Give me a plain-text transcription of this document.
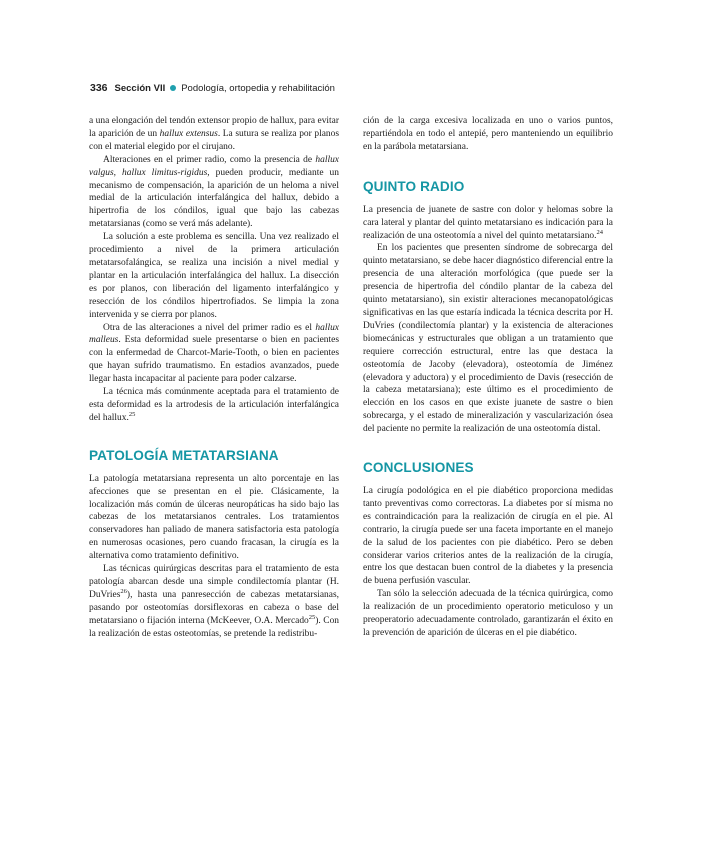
336 Sección VII Podología, ortopedia y rehabilitación

a una elongación del tendón extensor propio de hallux, para evitar la aparición de un hallux extensus. La sutura se realiza por planos con el material elegido por el cirujano.

Alteraciones en el primer radio, como la presencia de hallux valgus, hallux limitus-rigidus, pueden producir, mediante un mecanismo de compensación, la aparición de un heloma a nivel medial de la articulación interfalángica del hallux, debido a hipertrofia de los cóndilos, igual que bajo las cabezas metatarsianas (como se verá más adelante).

La solución a este problema es sencilla. Una vez realizado el procedimiento a nivel de la primera articulación metatarsofalángica, se realiza una incisión a nivel medial y plantar en la articulación interfalángica del hallux. La disección es por planos, con liberación del ligamento interfalángico y resección de los cóndilos hipertrofiados. Se limpia la zona intervenida y se cierra por planos.

Otra de las alteraciones a nivel del primer radio es el hallux malleus. Esta deformidad suele presentarse o bien en pacientes con la enfermedad de Charcot-Marie-Tooth, o bien en pacientes que hayan sufrido traumatismo. En estadios avanzados, puede llegar hasta incapacitar al paciente para poder calzarse.

La técnica más comúnmente aceptada para el tratamiento de esta deformidad es la artrodesis de la articulación interfalángica del hallux.$^{25}$

PATOLOGÍA METATARSIANA

La patología metatarsiana representa un alto porcentaje en las afecciones que se presentan en el pie. Clásicamente, la localización más común de úlceras neuropáticas ha sido bajo las cabezas de los metatarsianos centrales. Los tratamientos conservadores han paliado de manera satisfactoria esta patología en numerosas ocasiones, pero cuando fracasan, la cirugía es la alternativa como tratamiento definitivo.

Las técnicas quirúrgicas descritas para el tratamiento de esta patología abarcan desde una simple condilectomía plantar (H. DuVries$^{26}$), hasta una panresección de cabezas metatarsianas, pasando por osteotomías dorsiflexoras en cabeza o base del metatarsiano o fijación interna (McKeever, O.A. Mercado$^{25}$). Con la realización de estas osteotomías, se pretende la redistribu-

ción de la carga excesiva localizada en uno o varios puntos, repartiéndola en todo el antepié, pero manteniendo un equilibrio en la parábola metatarsiana.

QUINTO RADIO

La presencia de juanete de sastre con dolor y helomas sobre la cara lateral y plantar del quinto metatarsiano es indicación para la realización de una osteotomía a nivel del quinto metatarsiano.$^{24}$

En los pacientes que presenten síndrome de sobrecarga del quinto metatarsiano, se debe hacer diagnóstico diferencial entre la presencia de una alteración morfológica (que puede ser la presencia de hipertrofia del cóndilo plantar de la cabeza del quinto metatarsiano), sin existir alteraciones mecanopatológicas significativas en las que estaría indicada la técnica descrita por H. DuVries (condilectomía plantar) y la existencia de alteraciones biomecánicas y estructurales que obligan a un tratamiento que requiere corrección estructural, entre las que destaca la osteotomía de Jacoby (elevadora), osteotomía de Jiménez (elevadora y aductora) y el procedimiento de Davis (resección de la cabeza metatarsiana); este último es el procedimiento de elección en los casos en que existe juanete de sastre o bien sobrecarga, y el estado de mineralización y vascularización ósea del paciente no permite la realización de una osteotomía distal.

CONCLUSIONES

La cirugía podológica en el pie diabético proporciona medidas tanto preventivas como correctoras. La diabetes por sí misma no es contraindicación para la realización de cirugía en el pie. Al contrario, la cirugía puede ser una faceta importante en el manejo de la salud de los pacientes con pie diabético. Pero se deben considerar varios criterios antes de la realización de la cirugía, entre los que destacan buen control de la diabetes y la presencia de buena perfusión vascular.

Tan sólo la selección adecuada de la técnica quirúrgica, como la realización de un procedimiento operatorio meticuloso y un preoperatorio adecuadamente controlado, garantizarán el éxito en la prevención de aparición de úlceras en el pie diabético.
